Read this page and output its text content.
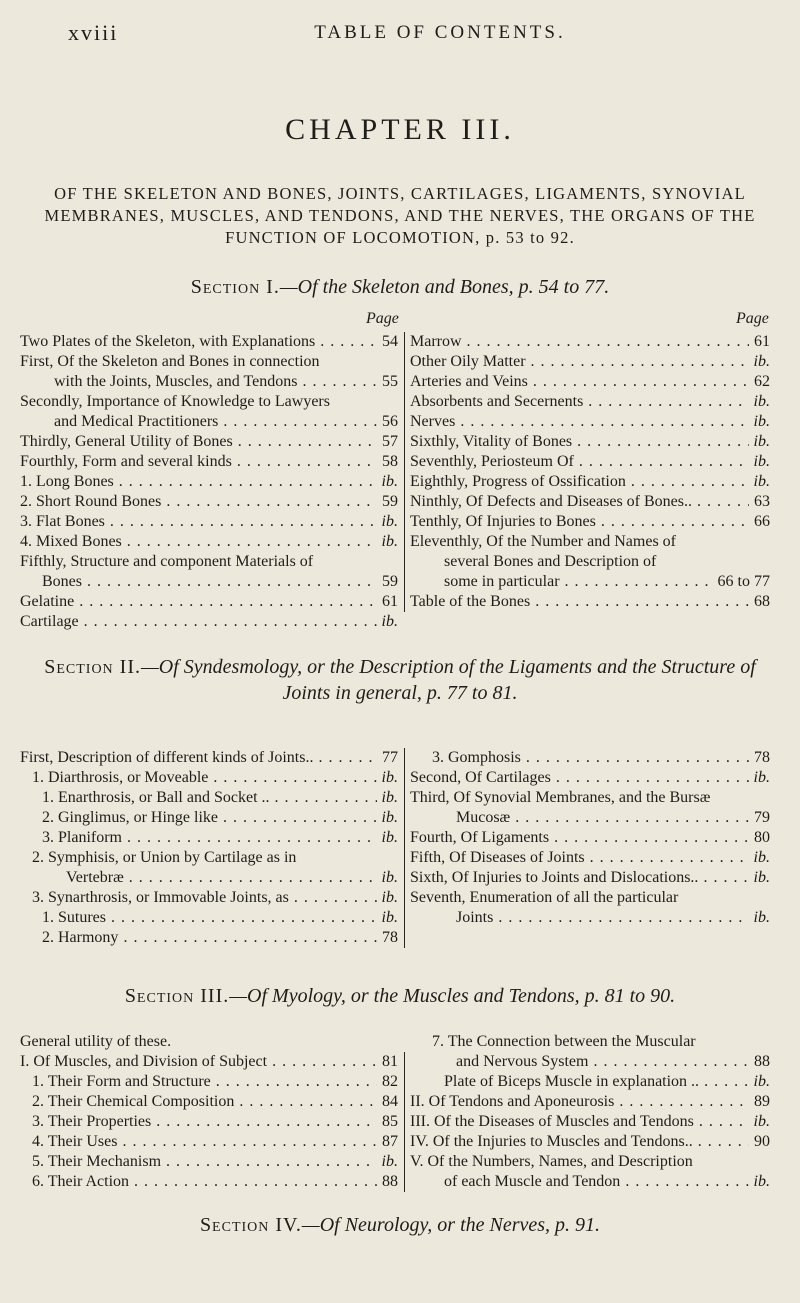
xviii	TABLE OF CONTENTS.
CHAPTER III.
OF THE SKELETON AND BONES, JOINTS, CARTILAGES, LIGAMENTS, SYNOVIAL MEMBRANES, MUSCLES, AND TENDONS, AND THE NERVES, THE ORGANS OF THE FUNCTION OF LOCOMOTION, p. 53 to 92.
Section I.—Of the Skeleton and Bones, p. 54 to 77.
Page	Page
Two Plates of the Skeleton, with Explanations . . .	54
First, Of the Skeleton and Bones in connection
with the Joints, Muscles, and Tendons . . .	55
Secondly, Importance of Knowledge to Lawyers
and Medical Practitioners . . .	56
Thirdly, General Utility of Bones . . .	57
Fourthly, Form and several kinds . . .	58
1. Long Bones . . .	ib.
2. Short Round Bones . . .	59
3. Flat Bones . . .	ib.
4. Mixed Bones . . .	ib.
Fifthly, Structure and component Materials of
Bones . . .	59
Gelatine . . .	61
Cartilage . . .	ib.
Marrow . . .	61
Other Oily Matter . . .	ib.
Arteries and Veins . . .	62
Absorbents and Secernents . . .	ib.
Nerves . . .	ib.
Sixthly, Vitality of Bones . . .	ib.
Seventhly, Periosteum Of . . .	ib.
Eighthly, Progress of Ossification . . .	ib.
Ninthly, Of Defects and Diseases of Bones.. . . .	63
Tenthly, Of Injuries to Bones . . .	66
Eleventhly, Of the Number and Names of
several Bones and Description of
some in particular . . .	66 to 77
Table of the Bones . . .	68
Section II.—Of Syndesmology, or the Description of the Ligaments and the Structure of Joints in general, p. 77 to 81.
First, Description of different kinds of Joints.. . . .	77
1. Diarthrosis, or Moveable . . .	ib.
1. Enarthrosis, or Ball and Socket .. . . .	ib.
2. Ginglimus, or Hinge like . . .	ib.
3. Planiform . . .	ib.
2. Symphisis, or Union by Cartilage as in
Vertebræ . . .	ib.
3. Synarthrosis, or Immovable Joints, as . . .	ib.
1. Sutures . . .	ib.
2. Harmony . . .	78
3. Gomphosis . . .	78
Second, Of Cartilages . . .	ib.
Third, Of Synovial Membranes, and the Bursæ
Mucosæ . . .	79
Fourth, Of Ligaments . . .	80
Fifth, Of Diseases of Joints . . .	ib.
Sixth, Of Injuries to Joints and Dislocations.. . . .	ib.
Seventh, Enumeration of all the particular
Joints . . .	ib.
Section III.—Of Myology, or the Muscles and Tendons, p. 81 to 90.
General utility of these.
I. Of Muscles, and Division of Subject . . .	81
1. Their Form and Structure . . .	82
2. Their Chemical Composition . . .	84
3. Their Properties . . .	85
4. Their Uses . . .	87
5. Their Mechanism . . .	ib.
6. Their Action . . .	88
7. The Connection between the Muscular
and Nervous System . . .	88
Plate of Biceps Muscle in explanation .. . . .	ib.
II. Of Tendons and Aponeurosis . . .	89
III. Of the Diseases of Muscles and Tendons . . .	ib.
IV. Of the Injuries to Muscles and Tendons.. . . .	90
V. Of the Numbers, Names, and Description
of each Muscle and Tendon . . .	ib.
Section IV.—Of Neurology, or the Nerves, p. 91.
